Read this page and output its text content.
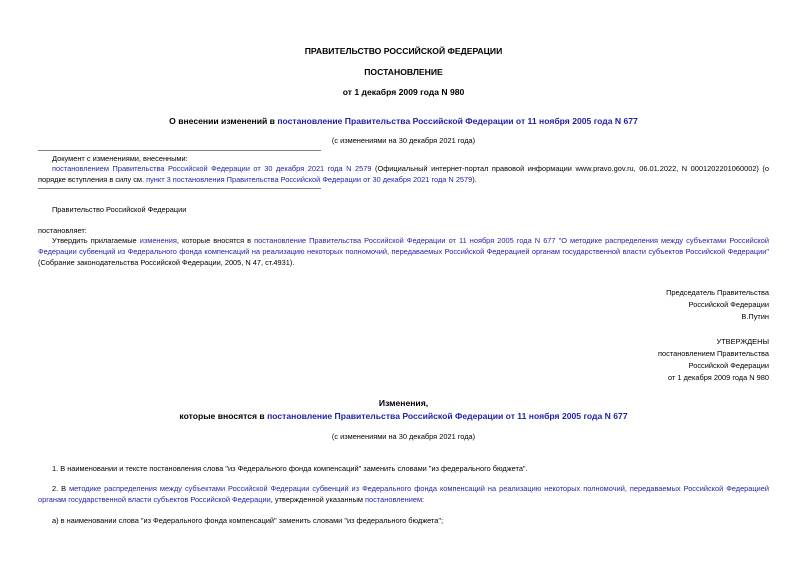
ПРАВИТЕЛЬСТВО РОССИЙСКОЙ ФЕДЕРАЦИИ
ПОСТАНОВЛЕНИЕ
от 1 декабря 2009 года N 980
О внесении изменений в постановление Правительства Российской Федерации от 11 ноября 2005 года N 677
(с изменениями на 30 декабря 2021 года)
Документ с изменениями, внесенными:
постановлением Правительства Российской Федерации от 30 декабря 2021 года N 2579 (Официальный интернет-портал правовой информации www.pravo.gov.ru, 06.01.2022, N 0001202201060002) (о порядке вступления в силу см. пункт 3 постановления Правительства Российской Федерации от 30 декабря 2021 года N 2579).
Правительство Российской Федерации
постановляет:
Утвердить прилагаемые изменения, которые вносятся в постановление Правительства Российской Федерации от 11 ноября 2005 года N 677 "О методике распределения между субъектами Российской Федерации субвенций из Федерального фонда компенсаций на реализацию некоторых полномочий, передаваемых Российской Федерацией органам государственной власти субъектов Российской Федерации" (Собрание законодательства Российской Федерации, 2005, N 47, ст.4931).
Председатель Правительства
Российской Федерации
В.Путин
УТВЕРЖДЕНЫ
постановлением Правительства
Российской Федерации
от 1 декабря 2009 года N 980
Изменения,
которые вносятся в постановление Правительства Российской Федерации от 11 ноября 2005 года N 677
(с изменениями на 30 декабря 2021 года)
1. В наименовании и тексте постановления слова "из Федерального фонда компенсаций" заменить словами "из федерального бюджета".
2. В методике распределения между субъектами Российской Федерации субвенций из Федерального фонда компенсаций на реализацию некоторых полномочий, передаваемых Российской Федерацией органам государственной власти субъектов Российской Федерации, утвержденной указанным постановлением:
а) в наименовании слова "из Федерального фонда компенсаций" заменить словами "из федерального бюджета";
